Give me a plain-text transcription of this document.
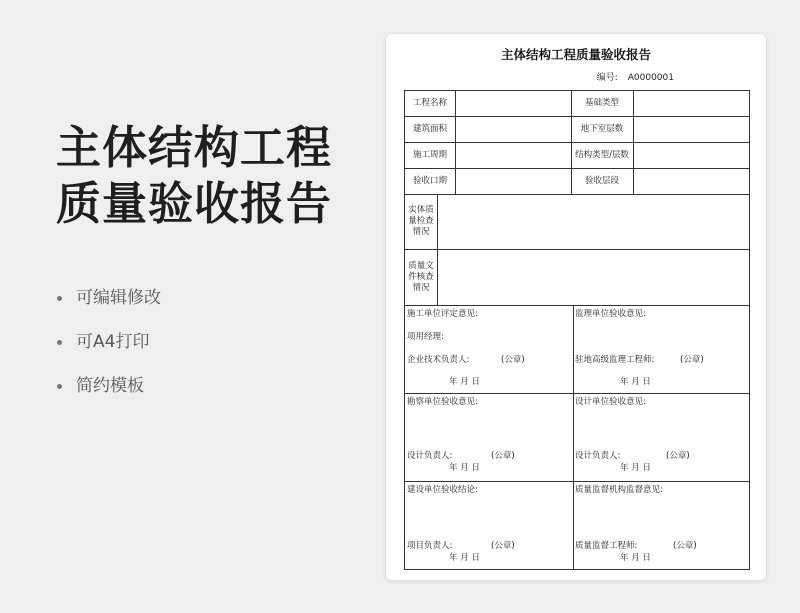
主体结构工程
质量验收报告
可编辑修改
可A4打印
简约模板
主体结构工程质量验收报告
编号: A0000001
工程名称	基础类型
建筑面积	地下室层数
施工周期	结构类型/层数
验收口期	验收层段
实体质
量检查
情况
质量文
件核查
情况
施工单位评定意见:
项用经理:
企业技术负责人:	(公章)
年 月 日
监理单位验收意见:
驻地高级监理工程师:	(公章)
年 月 日
勘察单位验收意见:
设计负责人:	(公章)
年 月 日
设计单位验收意见:
设计负责人:	(公章)
年 月 日
建设单位验收结论:
项目负责人:	(公章)
年 月 日
质量监督机构监督意见:
质量监督工程师:	(公章)
年 月 日
